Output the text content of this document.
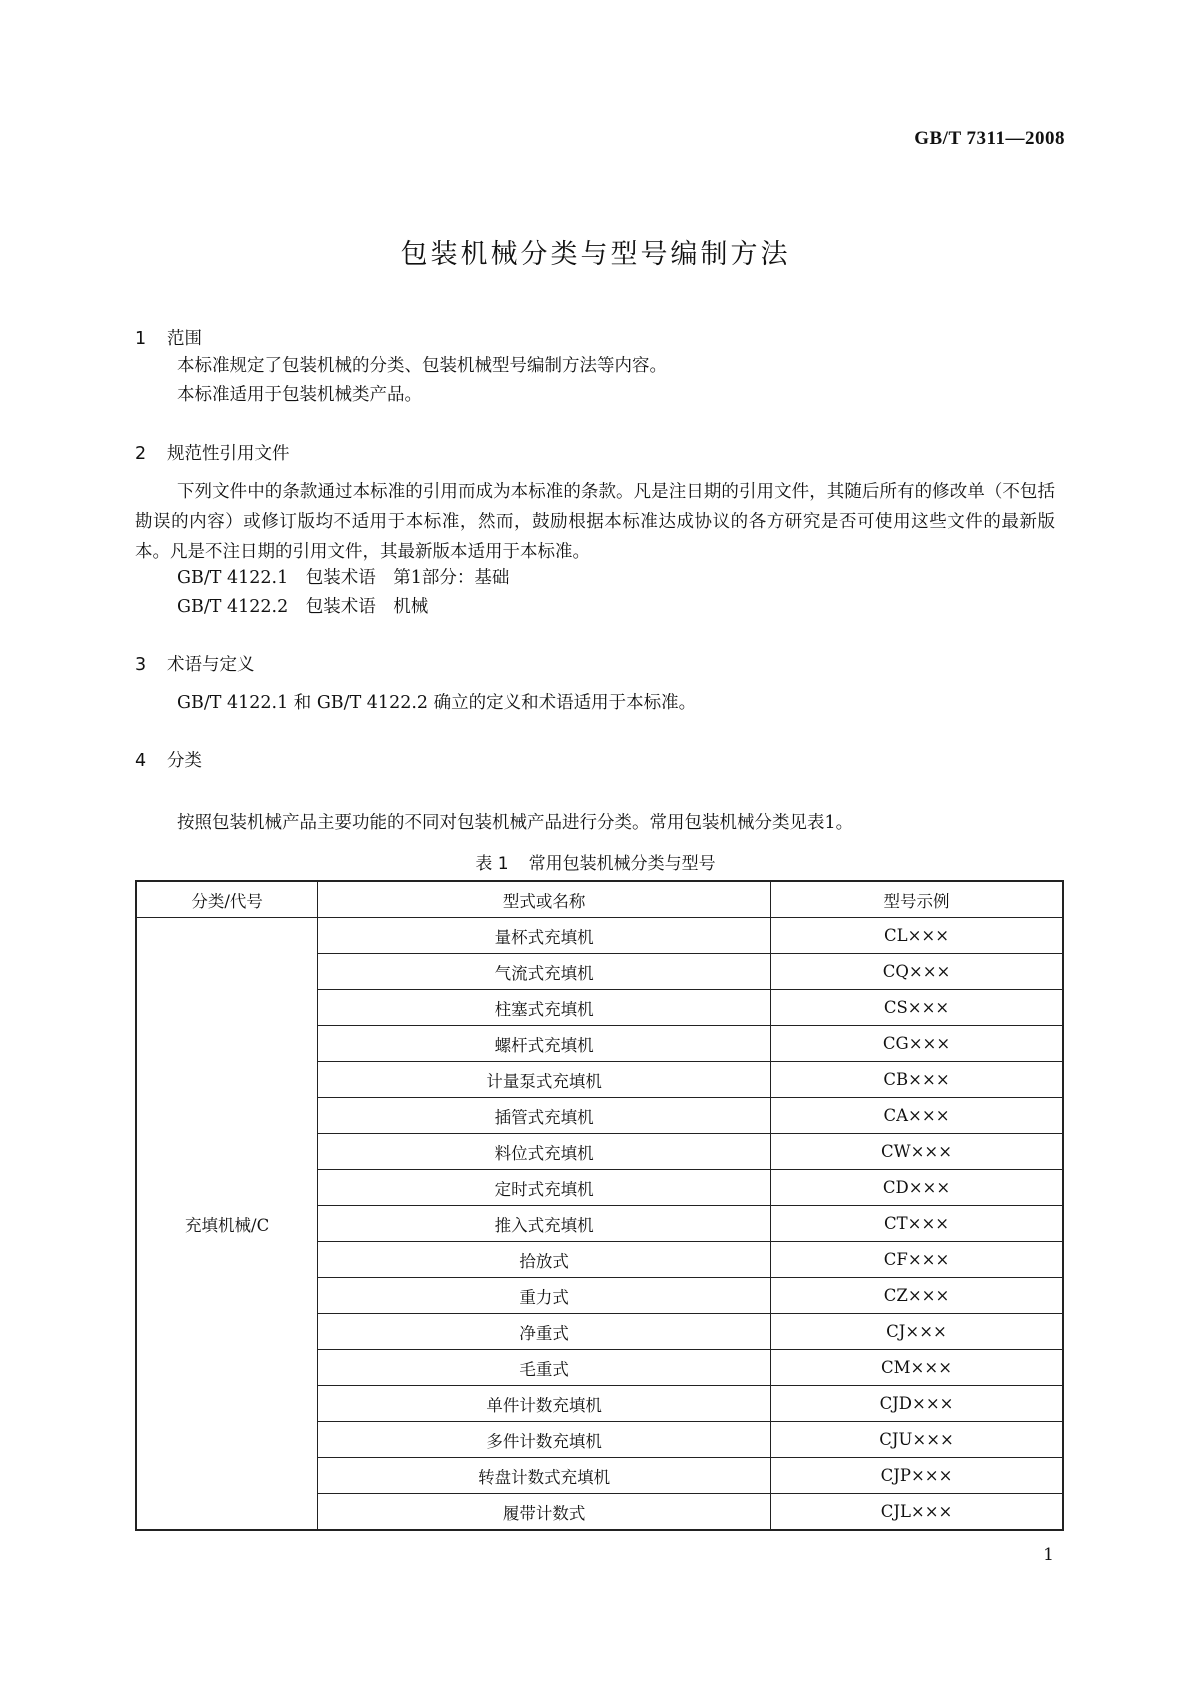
GB/T 7311—2008
包装机械分类与型号编制方法
1 范围
本标准规定了包装机械的分类、包装机械型号编制方法等内容。
本标准适用于包装机械类产品。
2 规范性引用文件
下列文件中的条款通过本标准的引用而成为本标准的条款。凡是注日期的引用文件，其随后所有的修改单（不包括勘误的内容）或修订版均不适用于本标准，然而，鼓励根据本标准达成协议的各方研究是否可使用这些文件的最新版本。凡是不注日期的引用文件，其最新版本适用于本标准。
GB/T 4122.1　包装术语　第1部分：基础
GB/T 4122.2　包装术语　机械
3 术语与定义
GB/T 4122.1 和 GB/T 4122.2 确立的定义和术语适用于本标准。
4 分类
按照包装机械产品主要功能的不同对包装机械产品进行分类。常用包装机械分类见表1。
表 1 常用包装机械分类与型号
分类/代号	型式或名称	型号示例
充填机械/C	量杯式充填机	CL×××
	气流式充填机	CQ×××
	柱塞式充填机	CS×××
	螺杆式充填机	CG×××
	计量泵式充填机	CB×××
	插管式充填机	CA×××
	料位式充填机	CW×××
	定时式充填机	CD×××
	推入式充填机	CT×××
	拾放式	CF×××
	重力式	CZ×××
	净重式	CJ×××
	毛重式	CM×××
	单件计数充填机	CJD×××
	多件计数充填机	CJU×××
	转盘计数式充填机	CJP×××
	履带计数式	CJL×××
1
